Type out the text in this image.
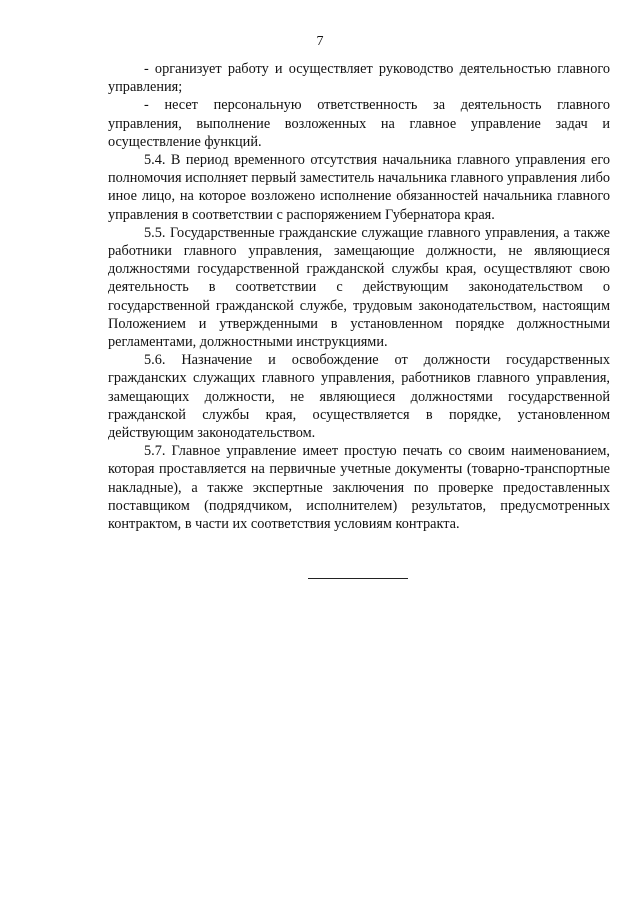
7

- организует работу и осуществляет руководство деятельностью главного управления;

- несет персональную ответственность за деятельность главного управления, выполнение возложенных на главное управление задач и осуществление функций.

5.4. В период временного отсутствия начальника главного управления его полномочия исполняет первый заместитель начальника главного управления либо иное лицо, на которое возложено исполнение обязанностей начальника главного управления в соответствии с распоряжением Губернатора края.

5.5. Государственные гражданские служащие главного управления, а также работники главного управления, замещающие должности, не являющиеся должностями государственной гражданской службы края, осуществляют свою деятельность в соответствии с действующим законодательством о государственной гражданской службе, трудовым законодательством, настоящим Положением и утвержденными в установленном порядке должностными регламентами, должностными инструкциями.

5.6. Назначение и освобождение от должности государственных гражданских служащих главного управления, работников главного управления, замещающих должности, не являющиеся должностями государственной гражданской службы края, осуществляется в порядке, установленном действующим законодательством.

5.7. Главное управление имеет простую печать со своим наименованием, которая проставляется на первичные учетные документы (товарно-транспортные накладные), а также экспертные заключения по проверке предоставленных поставщиком (подрядчиком, исполнителем) результатов, предусмотренных контрактом, в части их соответствия условиям контракта.
